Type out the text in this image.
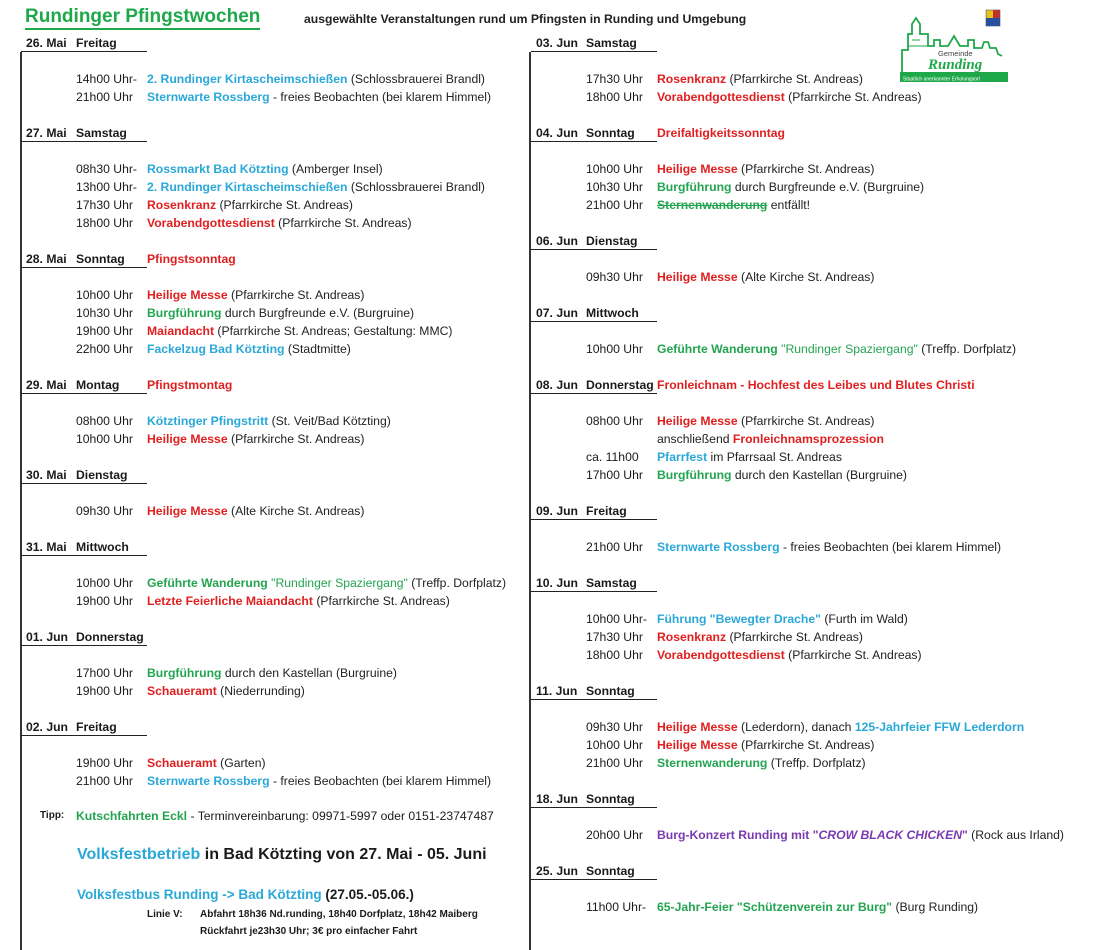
Rundinger Pfingstwochen	ausgewählte Veranstaltungen rund um Pfingsten in Runding und Umgebung
Gemeinde
Runding
Staatlich anerkannter Erholungsort
26. Mai Freitag
14h00 Uhr- 2. Rundinger Kirtascheimschießen (Schlossbrauerei Brandl)
21h00 Uhr Sternwarte Rossberg - freies Beobachten (bei klarem Himmel)
27. Mai Samstag
08h30 Uhr- Rossmarkt Bad Kötzting (Amberger Insel)
13h00 Uhr- 2. Rundinger Kirtascheimschießen (Schlossbrauerei Brandl)
17h30 Uhr Rosenkranz (Pfarrkirche St. Andreas)
18h00 Uhr Vorabendgottesdienst (Pfarrkirche St. Andreas)
28. Mai Sonntag	Pfingstsonntag
10h00 Uhr Heilige Messe (Pfarrkirche St. Andreas)
10h30 Uhr Burgführung durch Burgfreunde e.V. (Burgruine)
19h00 Uhr Maiandacht (Pfarrkirche St. Andreas; Gestaltung: MMC)
22h00 Uhr Fackelzug Bad Kötzting (Stadtmitte)
29. Mai Montag	Pfingstmontag
08h00 Uhr Kötztinger Pfingstritt (St. Veit/Bad Kötzting)
10h00 Uhr Heilige Messe (Pfarrkirche St. Andreas)
30. Mai Dienstag
09h30 Uhr Heilige Messe (Alte Kirche St. Andreas)
31. Mai Mittwoch
10h00 Uhr Geführte Wanderung "Rundinger Spaziergang" (Treffp. Dorfplatz)
19h00 Uhr Letzte Feierliche Maiandacht (Pfarrkirche St. Andreas)
01. Jun Donnerstag
17h00 Uhr Burgführung durch den Kastellan (Burgruine)
19h00 Uhr Schaueramt (Niederrunding)
02. Jun Freitag
19h00 Uhr Schaueramt (Garten)
21h00 Uhr Sternwarte Rossberg - freies Beobachten (bei klarem Himmel)
03. Jun Samstag
17h30 Uhr Rosenkranz (Pfarrkirche St. Andreas)
18h00 Uhr Vorabendgottesdienst (Pfarrkirche St. Andreas)
04. Jun Sonntag	Dreifaltigkeitssonntag
10h00 Uhr Heilige Messe (Pfarrkirche St. Andreas)
10h30 Uhr Burgführung durch Burgfreunde e.V. (Burgruine)
21h00 Uhr Sternenwanderung entfällt!
06. Jun Dienstag
09h30 Uhr Heilige Messe (Alte Kirche St. Andreas)
07. Jun Mittwoch
10h00 Uhr Geführte Wanderung "Rundinger Spaziergang" (Treffp. Dorfplatz)
08. Jun Donnerstag Fronleichnam - Hochfest des Leibes und Blutes Christi
08h00 Uhr Heilige Messe (Pfarrkirche St. Andreas)
anschließend Fronleichnamsprozession
ca. 11h00 Pfarrfest im Pfarrsaal St. Andreas
17h00 Uhr Burgführung durch den Kastellan (Burgruine)
09. Jun Freitag
21h00 Uhr Sternwarte Rossberg - freies Beobachten (bei klarem Himmel)
10. Jun Samstag
10h00 Uhr- Führung "Bewegter Drache" (Furth im Wald)
17h30 Uhr Rosenkranz (Pfarrkirche St. Andreas)
18h00 Uhr Vorabendgottesdienst (Pfarrkirche St. Andreas)
11. Jun Sonntag
09h30 Uhr Heilige Messe (Lederdorn), danach 125-Jahrfeier FFW Lederdorn
10h00 Uhr Heilige Messe (Pfarrkirche St. Andreas)
21h00 Uhr Sternenwanderung (Treffp. Dorfplatz)
18. Jun Sonntag
20h00 Uhr Burg-Konzert Runding mit "CROW BLACK CHICKEN" (Rock aus Irland)
25. Jun Sonntag
11h00 Uhr- 65-Jahr-Feier "Schützenverein zur Burg" (Burg Runding)
Tipp: Kutschfahrten Eckl - Terminvereinbarung: 09971-5997 oder 0151-23747487
Volksfestbetrieb in Bad Kötzting von 27. Mai - 05. Juni
Volksfestbus Runding -> Bad Kötzting (27.05.-05.06.)
Linie V: Abfahrt 18h36 Nd.runding, 18h40 Dorfplatz, 18h42 Maiberg
Rückfahrt je23h30 Uhr; 3€ pro einfacher Fahrt
